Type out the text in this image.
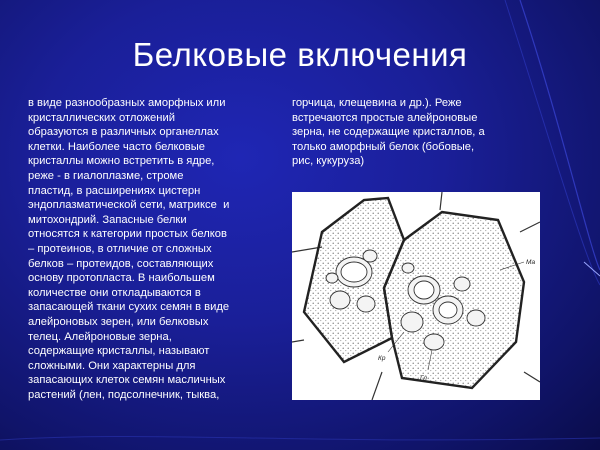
Белковые включения
в виде разнообразных аморфных или
кристаллических отложений
образуются в различных органеллах
клетки. Наиболее часто белковые
кристаллы можно встретить в ядре,
реже - в гиалоплазме, строме
пластид, в расширениях цистерн
эндоплазматической сети, матриксе  и
митохондрий. Запасные белки
относятся к категории простых белков
– протеинов, в отличие от сложных
белков – протеидов, составляющих
основу протопласта. В наибольшем
количестве они откладываются в
запасающей ткани сухих семян в виде
алейроновых зерен, или белковых
телец. Алейроновые зерна,
содержащие кристаллы, называют
сложными. Они характерны для
запасающих клеток семян масличных
растений (лен, подсолнечник, тыква,
горчица, клещевина и др.). Реже
встречаются простые алейроновые
зерна, не содержащие кристаллов, а
только аморфный белок (бобовые,
рис, кукуруза)
Ма
Кр
Гл
